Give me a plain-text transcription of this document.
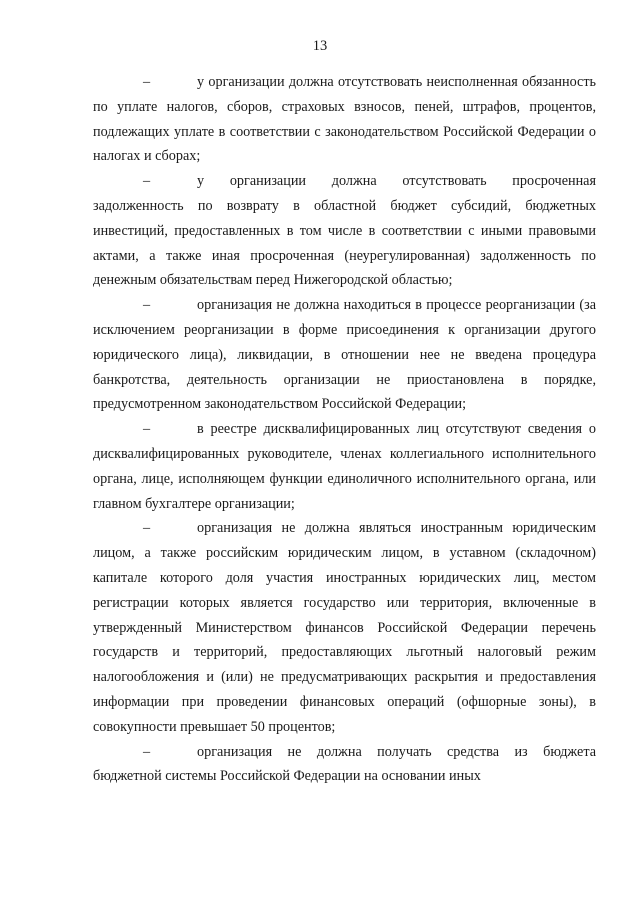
13

–	у организации должна отсутствовать неисполненная обязанность по уплате налогов, сборов, страховых взносов, пеней, штрафов, процентов, подлежащих уплате в соответствии с законодательством Российской Федерации о налогах и сборах;

–	у организации должна отсутствовать просроченная задолженность по возврату в областной бюджет субсидий, бюджетных инвестиций, предоставленных в том числе в соответствии с иными правовыми актами, а также иная просроченная (неурегулированная) задолженность по денежным обязательствам перед Нижегородской областью;

–	организация не должна находиться в процессе реорганизации (за исключением реорганизации в форме присоединения к организации другого юридического лица), ликвидации, в отношении нее не введена процедура банкротства, деятельность организации не приостановлена в порядке, предусмотренном законодательством Российской Федерации;

–	в реестре дисквалифицированных лиц отсутствуют сведения о дисквалифицированных руководителе, членах коллегиального исполнительного органа, лице, исполняющем функции единоличного исполнительного органа, или главном бухгалтере организации;

–	организация не должна являться иностранным юридическим лицом, а также российским юридическим лицом, в уставном (складочном) капитале которого доля участия иностранных юридических лиц, местом регистрации которых является государство или территория, включенные в утвержденный Министерством финансов Российской Федерации перечень государств и территорий, предоставляющих льготный налоговый режим налогообложения и (или) не предусматривающих раскрытия и предоставления информации при проведении финансовых операций (офшорные зоны), в совокупности превышает 50 процентов;

–	организация не должна получать средства из бюджета бюджетной системы Российской Федерации на основании иных
